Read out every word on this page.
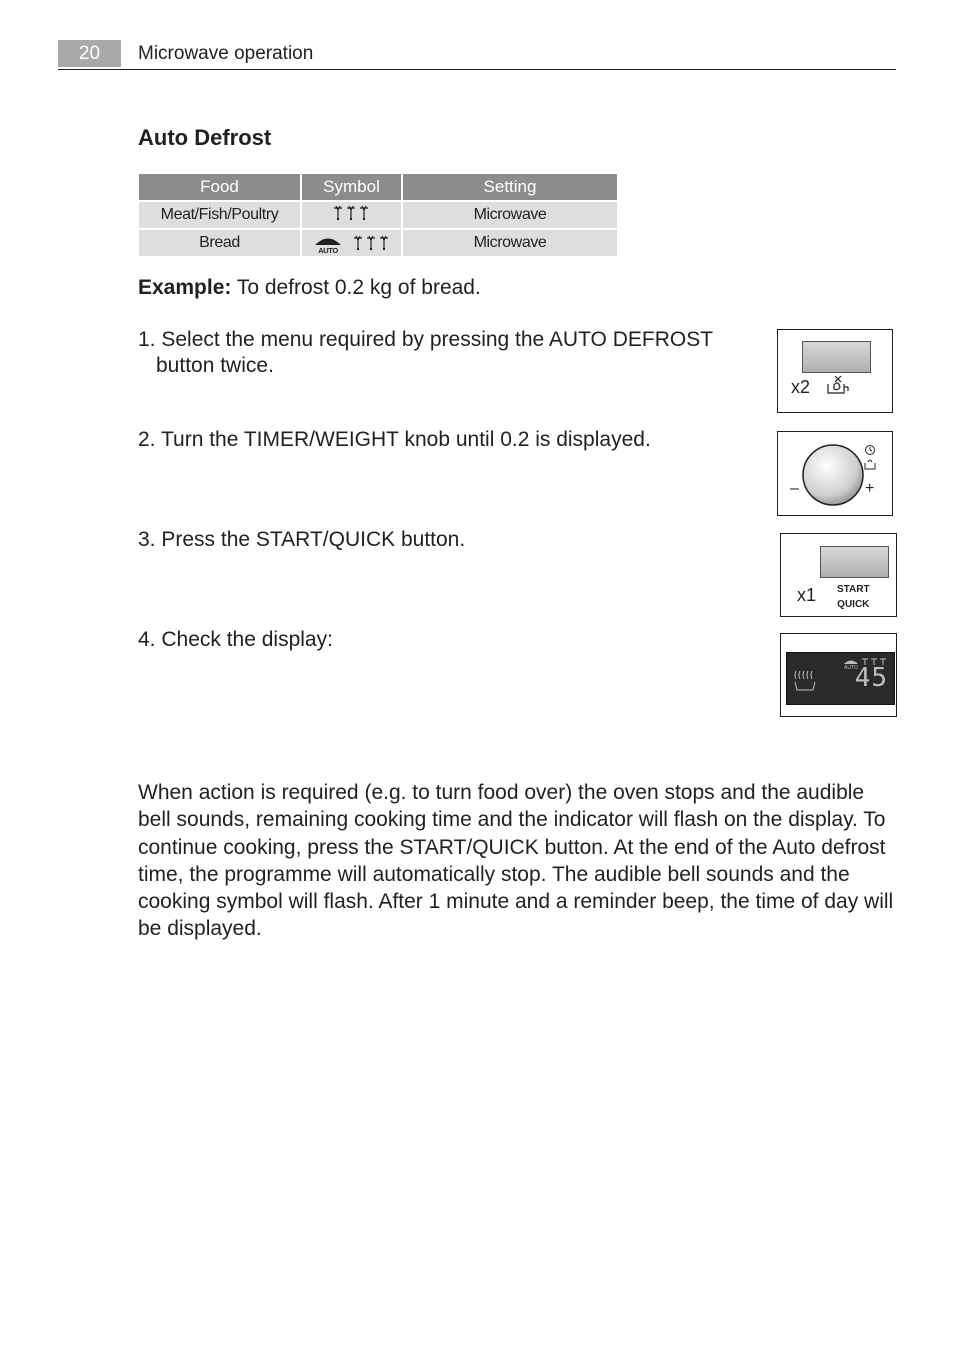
20	Microwave operation
Auto Defrost
Food	Symbol	Setting
Meat/Fish/Poultry		Microwave
Bread	AUTO	Microwave
Example: To defrost 0.2 kg of bread.
1. Select the menu required by pressing the AUTO DEFROST
button twice.
2. Turn the TIMER/WEIGHT knob until 0.2 is displayed.
3. Press the START/QUICK button.
4. Check the display:
x2
–	+
x1 START
QUICK
AUTO
45
When action is required (e.g. to turn food over) the oven stops and the audible bell sounds, remaining cooking time and the indicator will flash on the display. To continue cooking, press the START/QUICK button. At the end of the Auto defrost time, the programme will automatically stop. The audible bell sounds and the cooking symbol will flash. After 1 minute and a reminder beep, the time of day will be displayed.
